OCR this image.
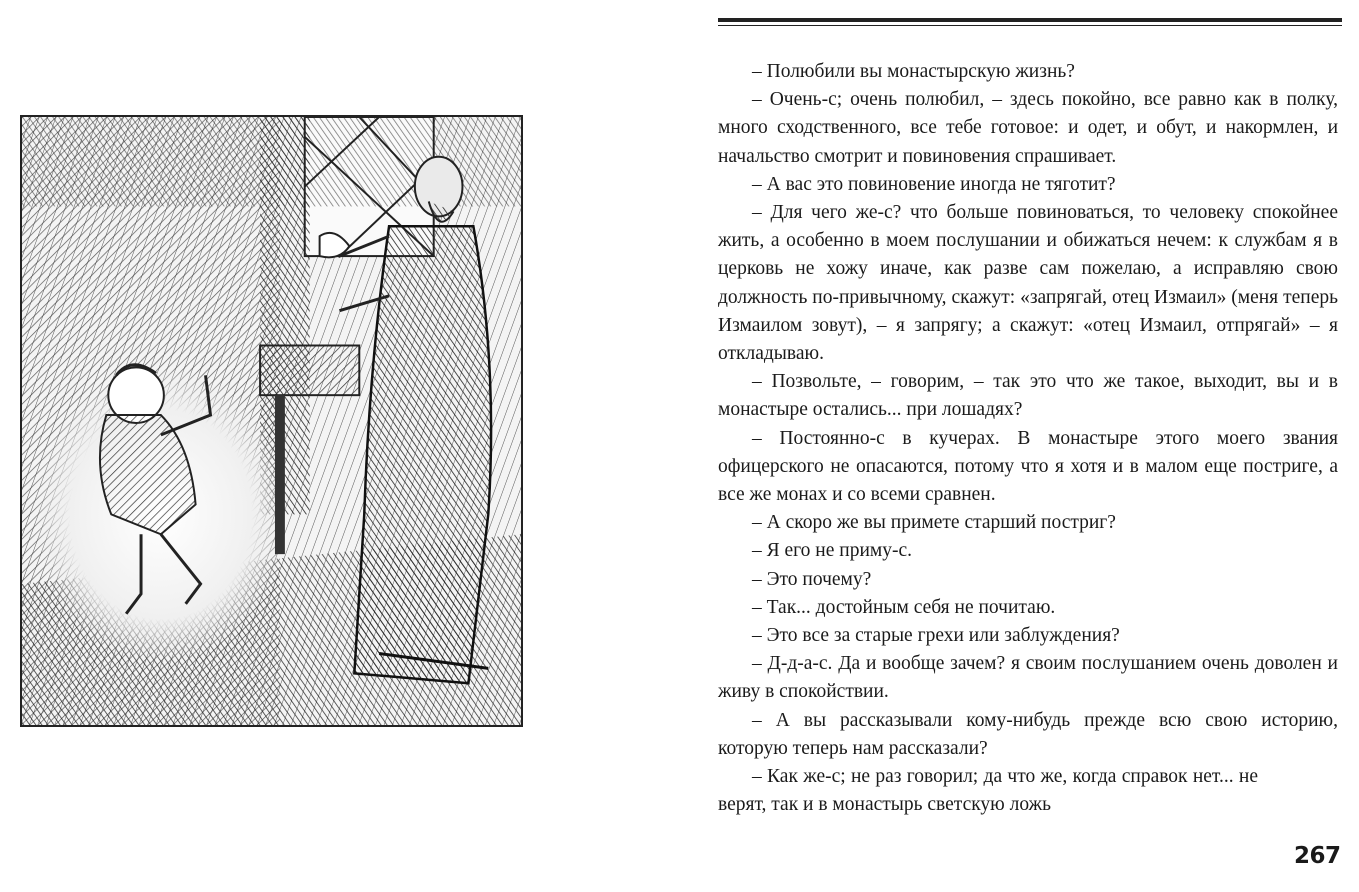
– Полюбили вы монастырскую жизнь?

– Очень-с; очень полюбил, – здесь покойно, все равно как в полку, много сходственного, все тебе готовое: и одет, и обут, и накормлен, и начальство смотрит и повиновения спрашивает.

– А вас это повиновение иногда не тяготит?

– Для чего же-с? что больше повиноваться, то человеку спокойнее жить, а особенно в моем послушании и обижаться нечем: к службам я в церковь не хожу иначе, как разве сам пожелаю, а исправляю свою должность по-привычному, скажут: «запрягай, отец Измаил» (меня теперь Измаилом зовут), – я запрягу; а скажут: «отец Измаил, отпрягай» – я откладываю.

– Позвольте, – говорим, – так это что же такое, выходит, вы и в монастыре остались... при лошадях?

– Постоянно-с в кучерах. В монастыре этого моего звания офицерского не опасаются, потому что я хотя и в малом еще постриге, а все же монах и со всеми сравнен.

– А скоро же вы примете старший постриг?

– Я его не приму-с.

– Это почему?

– Так... достойным себя не почитаю.

– Это все за старые грехи или заблуждения?

– Д-д-а-с. Да и вообще зачем? я своим послушанием очень доволен и живу в спокойствии.

– А вы рассказывали кому-нибудь прежде всю свою историю, которую теперь нам рассказали?

– Как же-с; не раз говорил; да что же, когда справок нет... не верят, так и в монастырь светскую ложь

267
